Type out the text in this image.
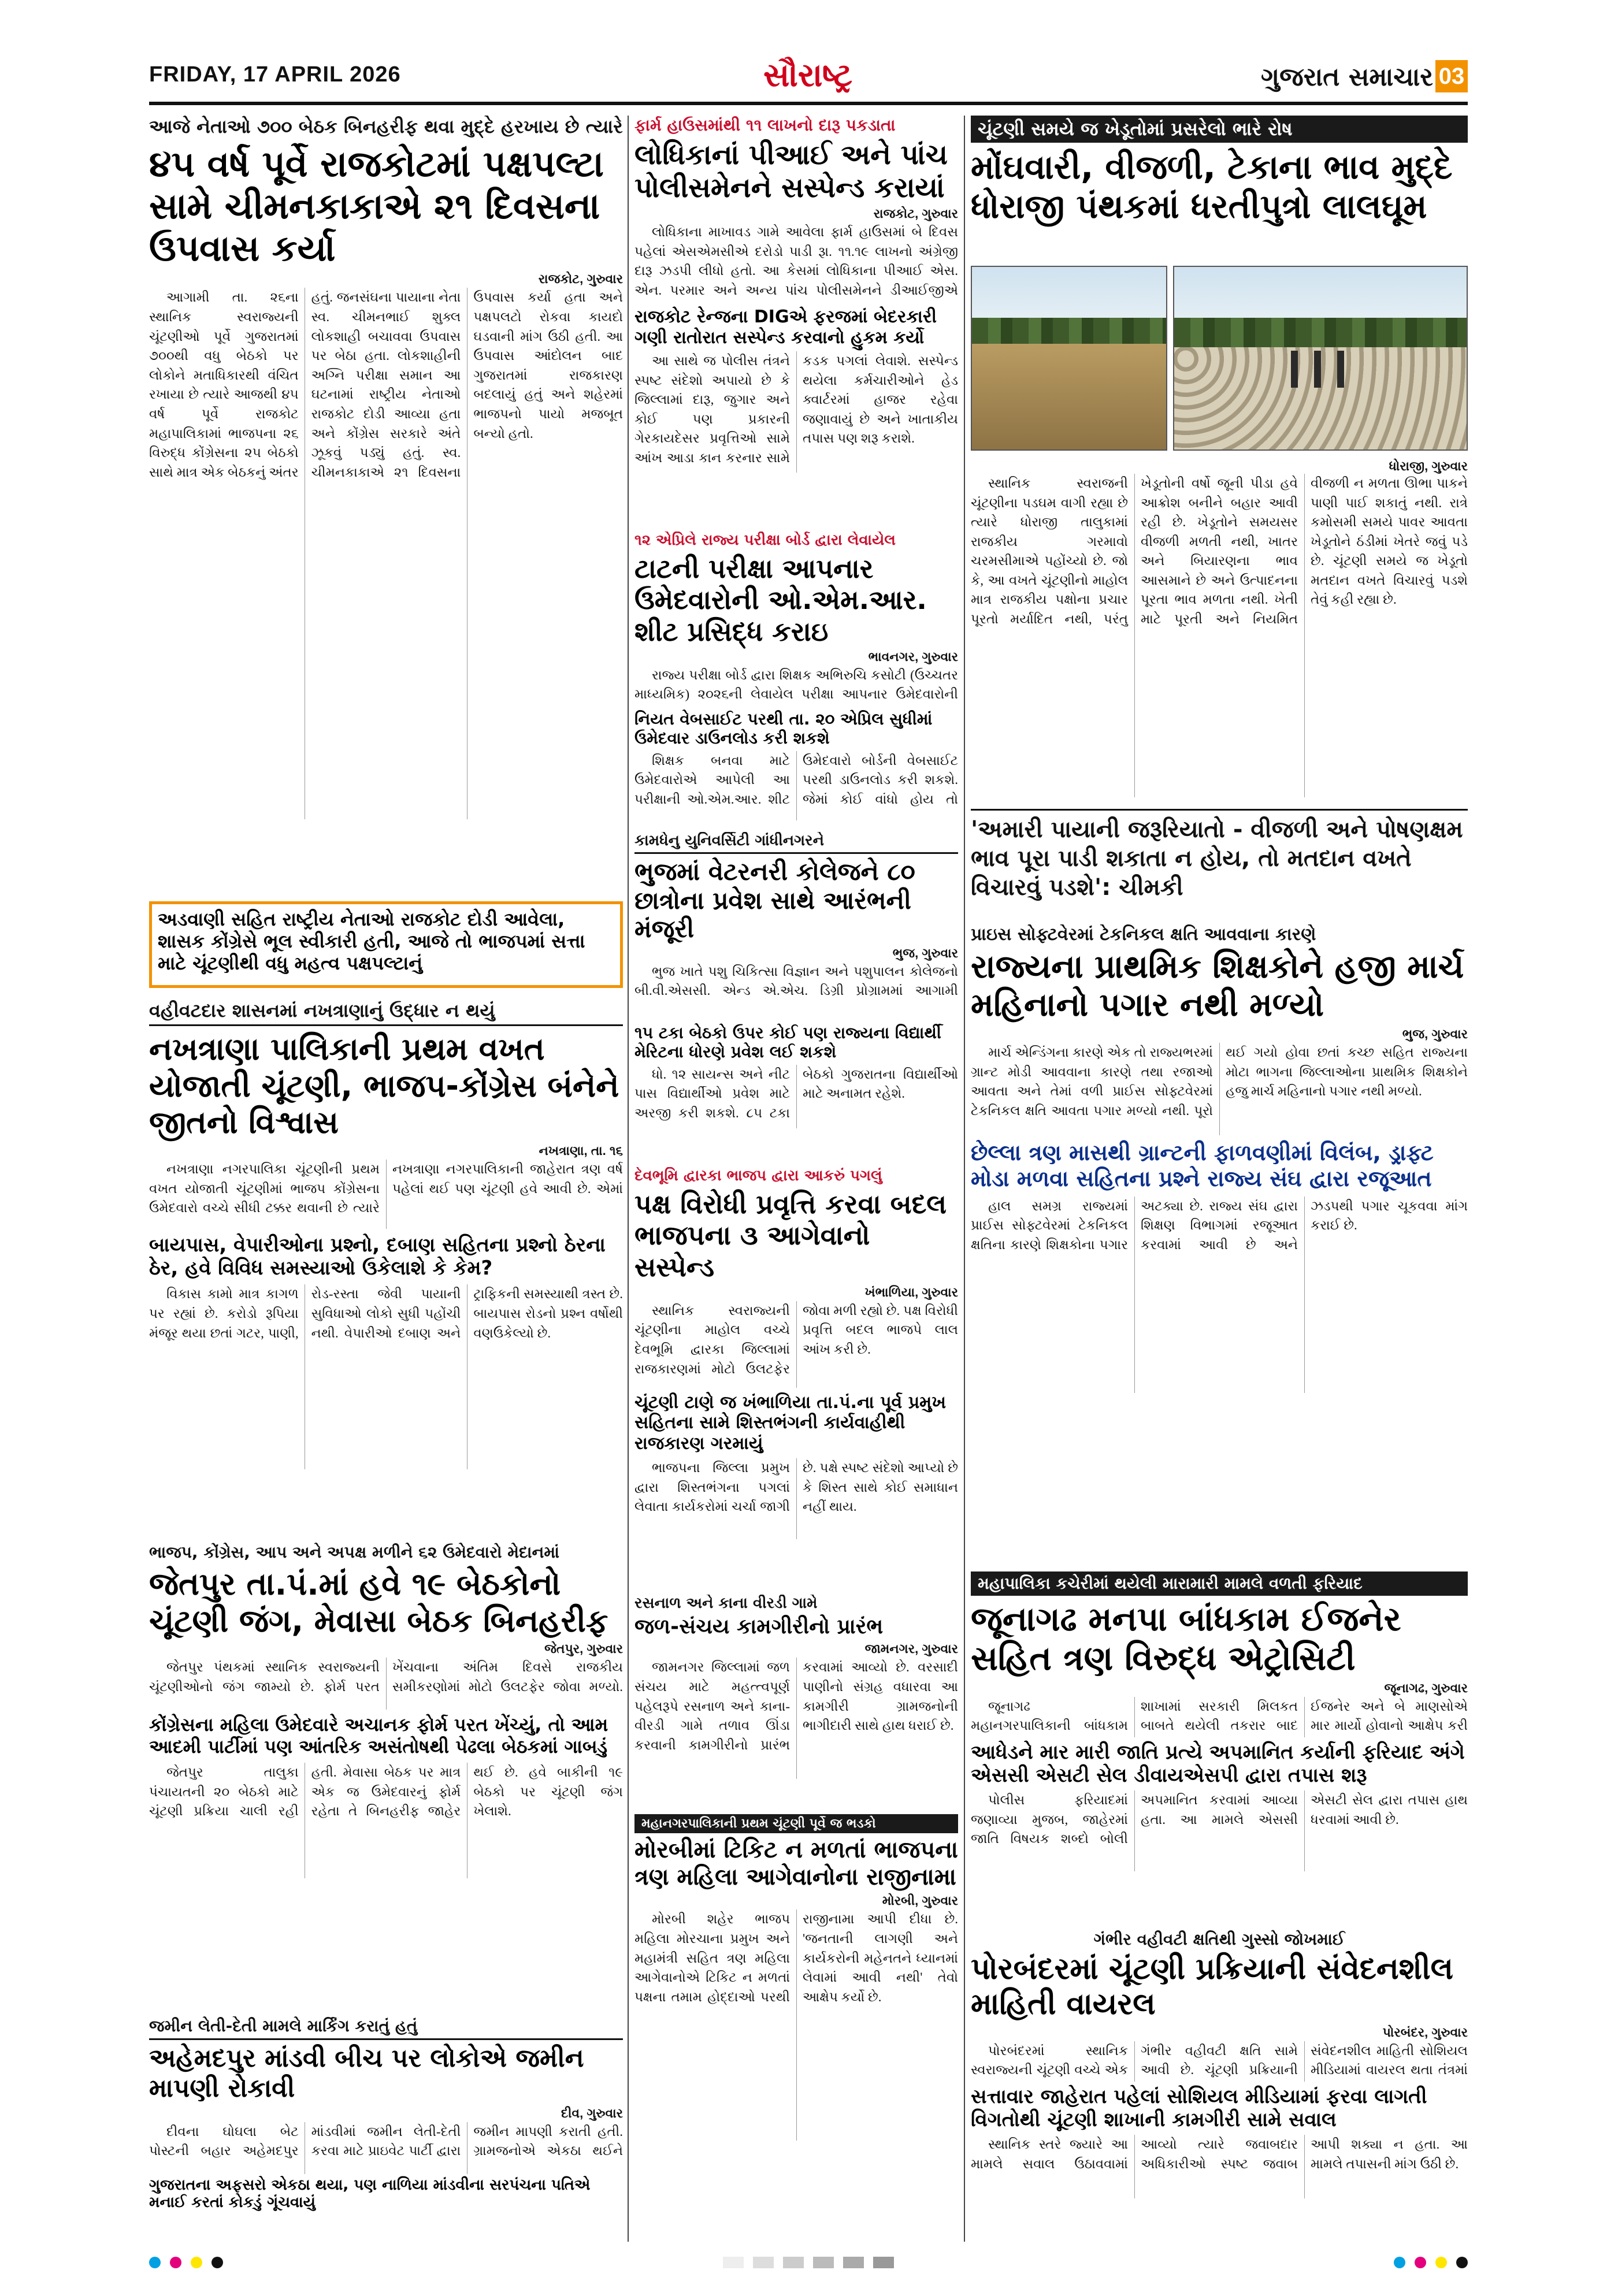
FRIDAY, 17 APRIL 2026	સૌરાષ્ટ્ર	ગુજરાત સમાચાર 03
આજે નેતાઓ ૭૦૦ બેઠક બિનહરીફ થવા મુદ્દે હરખાય છે ત્યારે
૪૫ વર્ષ પૂર્વે રાજકોટમાં પક્ષપલ્ટા સામે ચીમનકાકાએ ૨૧ દિવસના ઉપવાસ કર્યા
રાજકોટ, ગુરુવાર

આગામી તા. ૨૬ના સ્થાનિક સ્વરાજ્યની ચૂંટણીઓ પૂર્વે ગુજરાતમાં ૭૦૦થી વધુ બેઠકો પર લોકોને મતાધિકારથી વંચિત રખાયા છે ત્યારે આજથી ૪૫ વર્ષ પૂર્વે રાજકોટ મહાપાલિકામાં ભાજપના ૨૬ વિરુદ્ધ કોંગ્રેસના ૨૫ બેઠકો સાથે માત્ર એક બેઠકનું અંતર હતું. જનસંઘના પાયાના નેતા સ્વ. ચીમનભાઈ શુક્લ લોકશાહી બચાવવા ઉપવાસ પર બેઠા હતા. લોકશાહીની અગ્નિ પરીક્ષા સમાન આ ઘટનામાં રાષ્ટ્રીય નેતાઓ રાજકોટ દોડી આવ્યા હતા અને કોંગ્રેસ સરકારે અંતે ઝૂકવું પડ્યું હતું. સ્વ. ચીમનકાકાએ ૨૧ દિવસના ઉપવાસ કર્યા હતા અને પક્ષપલટો રોકવા કાયદો ઘડવાની માંગ ઉઠી હતી. આ ઉપવાસ આંદોલન બાદ ગુજરાતમાં રાજકારણ બદલાયું હતું અને શહેરમાં ભાજપનો પાયો મજબૂત બન્યો હતો.

અડવાણી સહિત રાષ્ટ્રીય નેતાઓ રાજકોટ દોડી આવેલા, શાસક કોંગ્રેસે ભૂલ સ્વીકારી હતી, આજે તો ભાજપમાં સત્તા માટે ચૂંટણીથી વધુ મહત્વ પક્ષપલ્ટાનું
ફાર્મ હાઉસમાંથી ૧૧ લાખનો દારૂ પકડાતા
લોધિકાનાં પીઆઈ અને પાંચ પોલીસમેનને સસ્પેન્ડ કરાયાં
રાજકોટ, ગુરુવાર

લોધિકાના માખાવડ ગામે આવેલા ફાર્મ હાઉસમાં બે દિવસ પહેલાં એસએમસીએ દરોડો પાડી રૂા. ૧૧.૧૯ લાખનો અંગ્રેજી દારૂ ઝડપી લીધો હતો. આ કેસમાં લોધિકાના પીઆઈ એસ. એન. પરમાર અને અન્ય પાંચ પોલીસમેનને ડીઆઈજીએ

રાજકોટ રેન્જના DIGએ ફરજમાં બેદરકારી ગણી રાતોરાત સસ્પેન્ડ કરવાનો હુકમ કર્યો

આ સાથે જ પોલીસ તંત્રને સ્પષ્ટ સંદેશો અપાયો છે કે જિલ્લામાં દારૂ, જુગાર અને કોઈ પણ પ્રકારની ગેરકાયદેસર પ્રવૃત્તિઓ સામે આંખ આડા કાન કરનાર સામે કડક પગલાં લેવાશે. સસ્પેન્ડ થયેલા કર્મચારીઓને હેડ ક્વાર્ટરમાં હાજર રહેવા જણાવાયું છે અને ખાતાકીય તપાસ પણ શરૂ કરાશે.

૧૨ એપ્રિલે રાજ્ય પરીક્ષા બોર્ડ દ્વારા લેવાયેલ
ટાટની પરીક્ષા આપનાર ઉમેદવારોની ઓ.એમ.આર. શીટ પ્રસિદ્ધ કરાઇ
ભાવનગર, ગુરુવાર

રાજ્ય પરીક્ષા બોર્ડ દ્વારા શિક્ષક અભિરુચિ કસોટી (ઉચ્ચતર માધ્યમિક) ૨૦૨૬ની લેવાયેલ પરીક્ષા આપનાર ઉમેદવારોની

નિયત વેબસાઈટ પરથી તા. ૨૦ એપ્રિલ સુધીમાં ઉમેદવાર ડાઉનલોડ કરી શકશે

શિક્ષક બનવા માટે ઉમેદવારોએ આપેલી આ પરીક્ષાની ઓ.એમ.આર. શીટ ઉમેદવારો બોર્ડની વેબસાઈટ પરથી ડાઉનલોડ કરી શકશે. જેમાં કોઈ વાંધો હોય તો

ચૂંટણી સમયે જ ખેડૂતોમાં પ્રસરેલો ભારે રોષ
મોંઘવારી, વીજળી, ટેકાના ભાવ મુદ્દે ધોરાજી પંથકમાં ધરતીપુત્રો લાલઘૂમ
ધોરાજી, ગુરુવાર

સ્થાનિક સ્વરાજની ચૂંટણીના પડઘમ વાગી રહ્યા છે ત્યારે ધોરાજી તાલુકામાં રાજકીય ગરમાવો ચરમસીમાએ પહોંચ્યો છે. જો કે, આ વખતે ચૂંટણીનો માહોલ માત્ર રાજકીય પક્ષોના પ્રચાર પૂરતો મર્યાદિત નથી, પરંતુ ખેડૂતોની વર્ષો જૂની પીડા હવે આક્રોશ બનીને બહાર આવી રહી છે. ખેડૂતોને સમયસર વીજળી મળતી નથી, ખાતર અને બિયારણના ભાવ આસમાને છે અને ઉત્પાદનના પૂરતા ભાવ મળતા નથી. ખેતી માટે પૂરતી અને નિયમિત વીજળી ન મળતા ઊભા પાકને પાણી પાઈ શકાતું નથી. રાત્રે કમોસમી સમયે પાવર આવતા ખેડૂતોને ઠંડીમાં ખેતરે જવું પડે છે. ચૂંટણી સમયે જ ખેડૂતો મતદાન વખતે વિચારવું પડશે તેવું કહી રહ્યા છે.

'અમારી પાયાની જરૂરિયાતો - વીજળી અને પોષણક્ષમ ભાવ પૂરા પાડી શકાતા ન હોય, તો મતદાન વખતે વિચારવું પડશે': ચીમકી
વહીવટદાર શાસનમાં નખત્રાણાનું ઉદ્ધાર ન થયું
નખત્રાણા પાલિકાની પ્રથમ વખત યોજાતી ચૂંટણી, ભાજપ-કોંગ્રેસ બંનેને જીતનો વિશ્વાસ
નખત્રાણા, તા. ૧૬

નખત્રાણા નગરપાલિકા ચૂંટણીની પ્રથમ વખત યોજાતી ચૂંટણીમાં ભાજપ કોંગ્રેસના ઉમેદવારો વચ્ચે સીધી ટક્કર થવાની છે ત્યારે નખત્રાણા નગરપાલિકાની જાહેરાત ત્રણ વર્ષ પહેલાં થઈ પણ ચૂંટણી હવે આવી છે. એમાં

બાયપાસ, વેપારીઓના પ્રશ્નો, દબાણ સહિતના પ્રશ્નો ઠેરના ઠેર, હવે વિવિધ સમસ્યાઓ ઉકેલાશે કે કેમ?

વિકાસ કામો માત્ર કાગળ પર રહ્યાં છે. કરોડો રૂપિયા મંજૂર થયા છતાં ગટર, પાણી, રોડ-રસ્તા જેવી પાયાની સુવિધાઓ લોકો સુધી પહોંચી નથી. વેપારીઓ દબાણ અને ટ્રાફિકની સમસ્યાથી ત્રસ્ત છે. બાયપાસ રોડનો પ્રશ્ન વર્ષોથી વણઉકેલ્યો છે.

ભાજપ, કોંગ્રેસ, આપ અને અપક્ષ મળીને ૬૨ ઉમેદવારો મેદાનમાં
જેતપુર તા.પં.માં હવે ૧૯ બેઠકોનો ચૂંટણી જંગ, મેવાસા બેઠક બિનહરીફ
જેતપુર, ગુરુવાર

જેતપુર પંથકમાં સ્થાનિક સ્વરાજ્યની ચૂંટણીઓનો જંગ જામ્યો છે. ફોર્મ પરત ખેંચવાના અંતિમ દિવસે રાજકીય સમીકરણોમાં મોટો ઉલટફેર જોવા મળ્યો.

કોંગ્રેસના મહિલા ઉમેદવારે અચાનક ફોર્મ પરત ખેંચ્યું, તો આમ આદમી પાર્ટીમાં પણ આંતરિક અસંતોષથી પેઢલા બેઠકમાં ગાબડું

જેતપુર તાલુકા પંચાયતની ૨૦ બેઠકો માટે ચૂંટણી પ્રક્રિયા ચાલી રહી હતી. મેવાસા બેઠક પર માત્ર એક જ ઉમેદવારનું ફોર્મ રહેતા તે બિનહરીફ જાહેર થઈ છે. હવે બાકીની ૧૯ બેઠકો પર ચૂંટણી જંગ ખેલાશે.

કામધેનુ યુનિવર્સિટી ગાંધીનગરને
ભુજમાં વેટરનરી કોલેજને ૮૦ છાત્રોના પ્રવેશ સાથે આરંભની મંજૂરી
ભુજ, ગુરુવાર

ભુજ ખાતે પશુ ચિકિત્સા વિજ્ઞાન અને પશુપાલન કોલેજનો બી.વી.એસસી. એન્ડ એ.એચ. ડિગ્રી પ્રોગ્રામમાં આગામી

૧૫ ટકા બેઠકો ઉપર કોઈ પણ રાજ્યના વિદ્યાર્થી મેરિટના ધોરણે પ્રવેશ લઈ શકશે

ધો. ૧૨ સાયન્સ અને નીટ પાસ વિદ્યાર્થીઓ પ્રવેશ માટે અરજી કરી શકશે. ૮૫ ટકા બેઠકો ગુજરાતના વિદ્યાર્થીઓ માટે અનામત રહેશે.

પ્રાઇસ સોફ્ટવેરમાં ટેકનિકલ ક્ષતિ આવવાના કારણે
રાજ્યના પ્રાથમિક શિક્ષકોને હજી માર્ચ મહિનાનો પગાર નથી મળ્યો
ભુજ, ગુરુવાર

માર્ચ એન્ડિંગના કારણે એક તો રાજ્યભરમાં ગ્રાન્ટ મોડી આવવાના કારણે તથા રજાઓ આવતા અને તેમાં વળી પ્રાઈસ સોફ્ટવેરમાં ટેકનિકલ ક્ષતિ આવતા પગાર મળ્યો નથી. પૂરો થઈ ગયો હોવા છતાં કચ્છ સહિત રાજ્યના મોટા ભાગના જિલ્લાઓના પ્રાથમિક શિક્ષકોને હજુ માર્ચ મહિનાનો પગાર નથી મળ્યો.

છેલ્લા ત્રણ માસથી ગ્રાન્ટની ફાળવણીમાં વિલંબ, ડ્રાફ્ટ મોડા મળવા સહિતના પ્રશ્ને રાજ્ય સંઘ દ્વારા રજૂઆત

હાલ સમગ્ર રાજ્યમાં પ્રાઈસ સોફ્ટવેરમાં ટેકનિકલ ક્ષતિના કારણે શિક્ષકોના પગાર અટક્યા છે. રાજ્ય સંઘ દ્વારા શિક્ષણ વિભાગમાં રજૂઆત કરવામાં આવી છે અને ઝડપથી પગાર ચૂકવવા માંગ કરાઈ છે.

દેવભૂમિ દ્વારકા ભાજપ દ્વારા આકરું પગલું
પક્ષ વિરોધી પ્રવૃત્તિ કરવા બદલ ભાજપના ૩ આગેવાનો સસ્પેન્ડ
ખંભાળિયા, ગુરુવાર

સ્થાનિક સ્વરાજ્યની ચૂંટણીના માહોલ વચ્ચે દેવભૂમિ દ્વારકા જિલ્લામાં રાજકારણમાં મોટો ઉલટફેર જોવા મળી રહ્યો છે. પક્ષ વિરોધી પ્રવૃત્તિ બદલ ભાજપે લાલ આંખ કરી છે.

ચૂંટણી ટાણે જ ખંભાળિયા તા.પં.ના પૂર્વ પ્રમુખ સહિતના સામે શિસ્તભંગની કાર્યવાહીથી રાજકારણ ગરમાયું

ભાજપના જિલ્લા પ્રમુખ દ્વારા શિસ્તભંગના પગલાં લેવાતા કાર્યકરોમાં ચર્ચા જાગી છે. પક્ષે સ્પષ્ટ સંદેશો આપ્યો છે કે શિસ્ત સાથે કોઈ સમાધાન નહીં થાય.

મહાપાલિકા કચેરીમાં થયેલી મારામારી મામલે વળતી ફરિયાદ
જૂનાગઢ મનપા બાંધકામ ઈજનેર સહિત ત્રણ વિરુદ્ધ એટ્રોસિટી
જૂનાગઢ, ગુરુવાર

જૂનાગઢ મહાનગરપાલિકાની બાંધકામ શાખામાં સરકારી મિલકત બાબતે થયેલી તકરાર બાદ ઈજનેર અને બે માણસોએ માર માર્યો હોવાનો આક્ષેપ કરી

આધેડને માર મારી જાતિ પ્રત્યે અપમાનિત કર્યાની ફરિયાદ અંગે એસસી એસટી સેલ ડીવાયએસપી દ્વારા તપાસ શરૂ

પોલીસ ફરિયાદમાં જણાવ્યા મુજબ, જાહેરમાં જાતિ વિષયક શબ્દો બોલી અપમાનિત કરવામાં આવ્યા હતા. આ મામલે એસસી એસટી સેલ દ્વારા તપાસ હાથ ધરવામાં આવી છે.

જમીન લેતી-દેતી મામલે માર્કિંગ કરાતું હતું
અહેમદપુર માંડવી બીચ પર લોકોએ જમીન માપણી રોકાવી
દીવ, ગુરુવાર

દીવના ઘોઘલા બેટ પોસ્ટની બહાર અહેમદપુર માંડવીમાં જમીન લેતી-દેતી કરવા માટે પ્રાઇવેટ પાર્ટી દ્વારા જમીન માપણી કરાતી હતી. ગ્રામજનોએ એકઠા થઈને

ગુજરાતના અફસરો એકઠા થયા, પણ નાળિયા માંડવીના સરપંચના પતિએ મનાઈ કરતાં કોકડું ગૂંચવાયું
રસનાળ અને કાના વીરડી ગામે
જળ-સંચય કામગીરીનો પ્રારંભ
જામનગર, ગુરુવાર

જામનગર જિલ્લામાં જળ સંચય માટે મહત્ત્વપૂર્ણ પહેલરૂપે રસનાળ અને કાના-વીરડી ગામે તળાવ ઊંડા કરવાની કામગીરીનો પ્રારંભ કરવામાં આવ્યો છે. વરસાદી પાણીનો સંગ્રહ વધારવા આ કામગીરી ગ્રામજનોની ભાગીદારી સાથે હાથ ધરાઈ છે.

મહાનગરપાલિકાની પ્રથમ ચૂંટણી પૂર્વે જ ભડકો
મોરબીમાં ટિકિટ ન મળતાં ભાજપના ત્રણ મહિલા આગેવાનોના રાજીનામા
મોરબી, ગુરુવાર

મોરબી શહેર ભાજપ મહિલા મોરચાના પ્રમુખ અને મહામંત્રી સહિત ત્રણ મહિલા આગેવાનોએ ટિકિટ ન મળતાં પક્ષના તમામ હોદ્દાઓ પરથી રાજીનામા આપી દીધા છે. 'જનતાની લાગણી અને કાર્યકરોની મહેનતને ધ્યાનમાં લેવામાં આવી નથી' તેવો આક્ષેપ કર્યો છે.

ગંભીર વહીવટી ક્ષતિથી ગુસ્સો જોખમાઈ
પોરબંદરમાં ચૂંટણી પ્રક્રિયાની સંવેદનશીલ માહિતી વાયરલ
પોરબંદર, ગુરુવાર

પોરબંદરમાં સ્થાનિક સ્વરાજ્યની ચૂંટણી વચ્ચે એક ગંભીર વહીવટી ક્ષતિ સામે આવી છે. ચૂંટણી પ્રક્રિયાની સંવેદનશીલ માહિતી સોશિયલ મીડિયામાં વાયરલ થતા તંત્રમાં

સત્તાવાર જાહેરાત પહેલાં સોશિયલ મીડિયામાં ફરવા લાગતી વિગતોથી ચૂંટણી શાખાની કામગીરી સામે સવાલ

સ્થાનિક સ્તરે જ્યારે આ મામલે સવાલ ઉઠાવવામાં આવ્યો ત્યારે જવાબદાર અધિકારીઓ સ્પષ્ટ જવાબ આપી શક્યા ન હતા. આ મામલે તપાસની માંગ ઉઠી છે.
